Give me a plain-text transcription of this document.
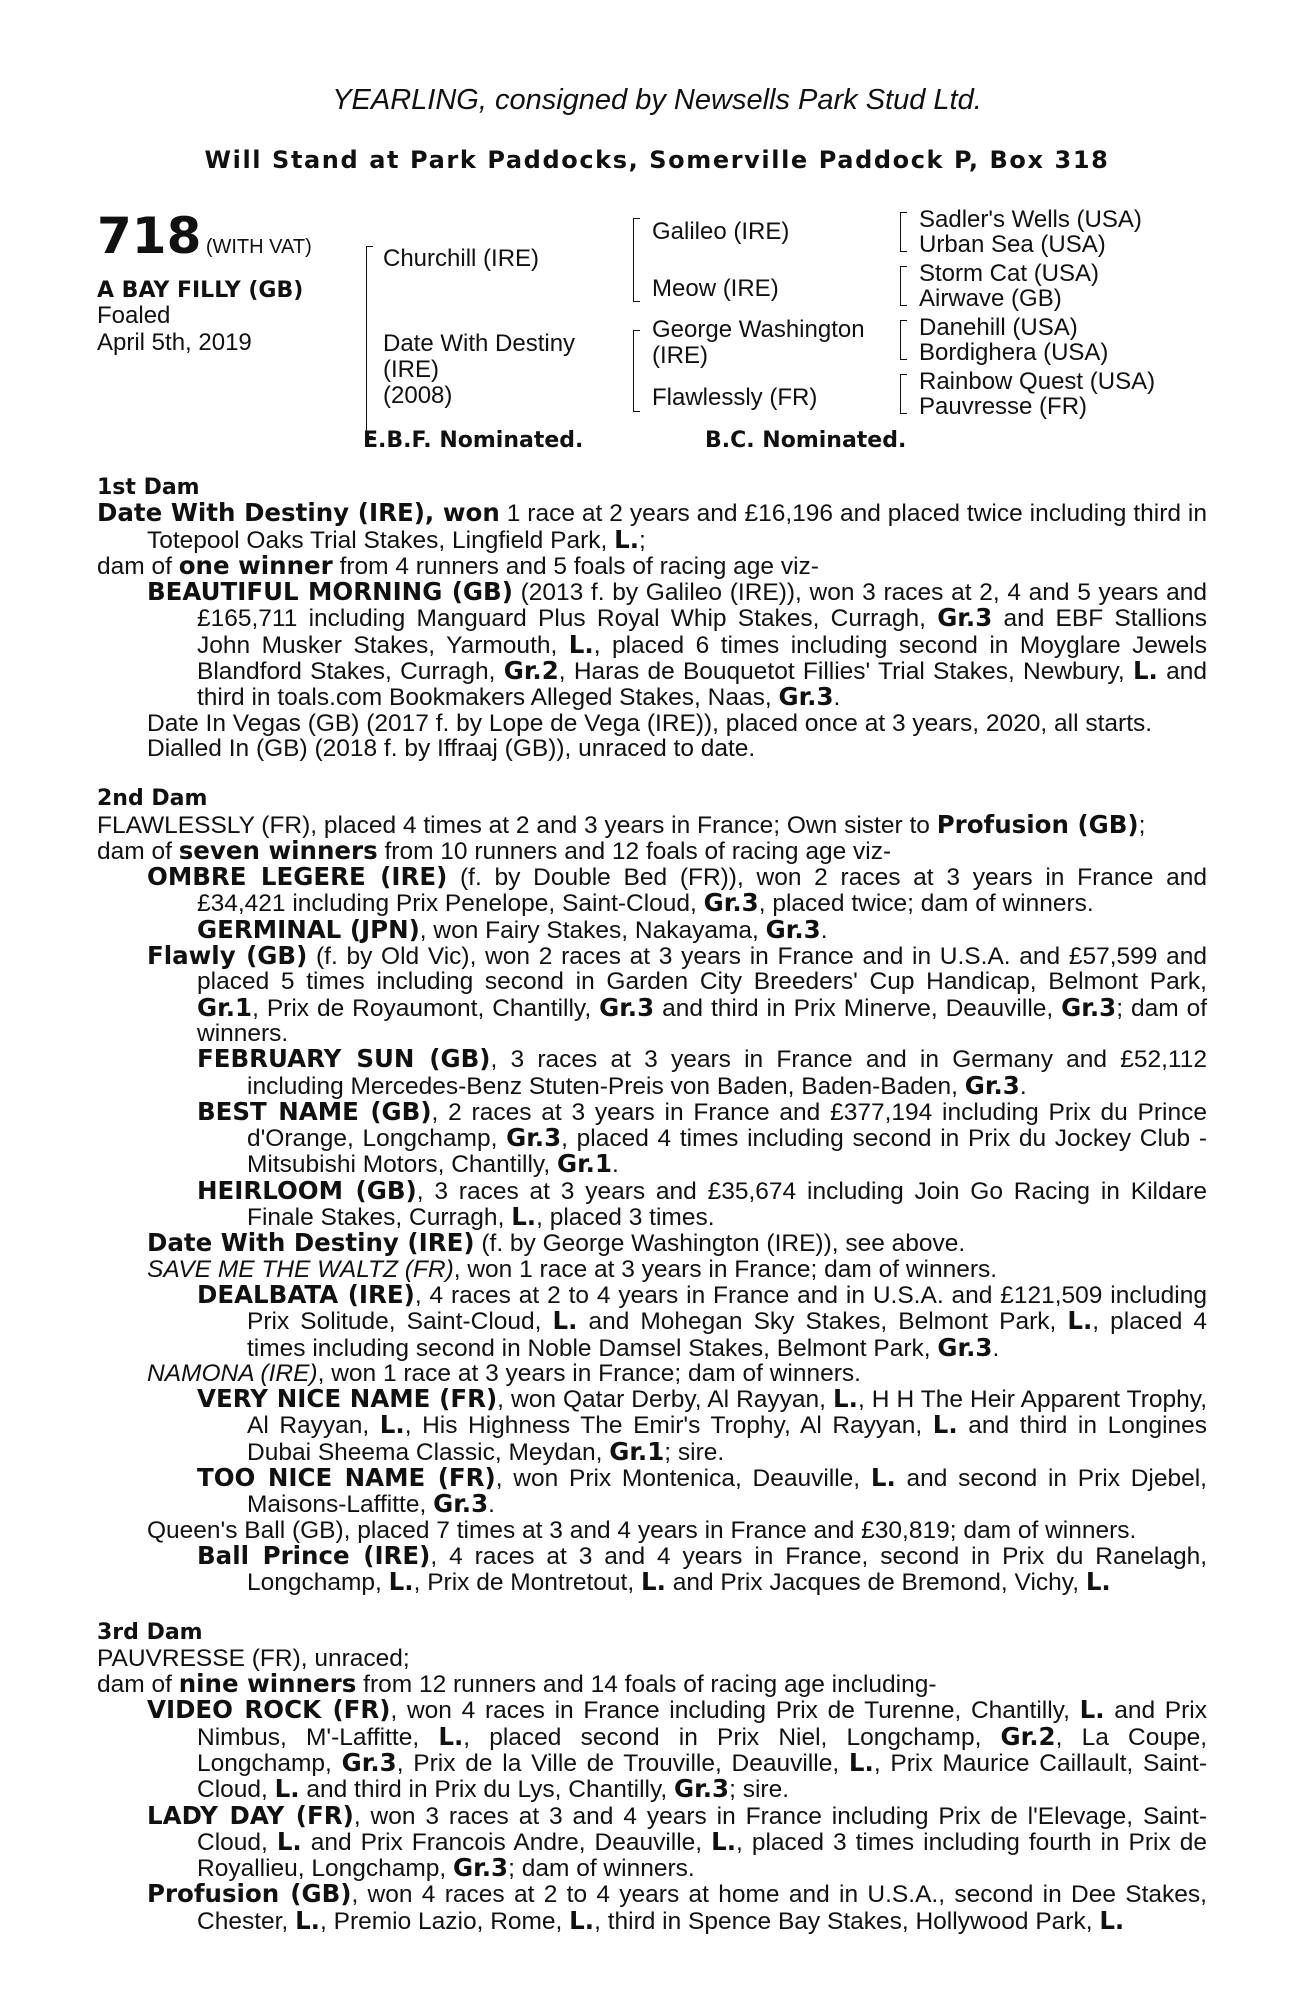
YEARLING, consigned by Newsells Park Stud Ltd.
Will Stand at Park Paddocks, Somerville Paddock P, Box 318
718 (WITH VAT)
A BAY FILLY (GB)
Foaled
April 5th, 2019
Churchill (IRE)
Date With Destiny
(IRE)
(2008)
Galileo (IRE)
Meow (IRE)
George Washington
(IRE)
Flawlessly (FR)
Sadler's Wells (USA)
Urban Sea (USA)
Storm Cat (USA)
Airwave (GB)
Danehill (USA)
Bordighera (USA)
Rainbow Quest (USA)
Pauvresse (FR)
E.B.F. Nominated.	B.C. Nominated.
1st Dam
Date With Destiny (IRE), won 1 race at 2 years and £16,196 and placed twice including third in Totepool Oaks Trial Stakes, Lingfield Park, L.;
dam of one winner from 4 runners and 5 foals of racing age viz-
BEAUTIFUL MORNING (GB) (2013 f. by Galileo (IRE)), won 3 races at 2, 4 and 5 years and £165,711 including Manguard Plus Royal Whip Stakes, Curragh, Gr.3 and EBF Stallions John Musker Stakes, Yarmouth, L., placed 6 times including second in Moyglare Jewels Blandford Stakes, Curragh, Gr.2, Haras de Bouquetot Fillies' Trial Stakes, Newbury, L. and third in toals.com Bookmakers Alleged Stakes, Naas, Gr.3.
Date In Vegas (GB) (2017 f. by Lope de Vega (IRE)), placed once at 3 years, 2020, all starts.
Dialled In (GB) (2018 f. by Iffraaj (GB)), unraced to date.
2nd Dam
FLAWLESSLY (FR), placed 4 times at 2 and 3 years in France; Own sister to Profusion (GB);
dam of seven winners from 10 runners and 12 foals of racing age viz-
OMBRE LEGERE (IRE) (f. by Double Bed (FR)), won 2 races at 3 years in France and £34,421 including Prix Penelope, Saint-Cloud, Gr.3, placed twice; dam of winners.
GERMINAL (JPN), won Fairy Stakes, Nakayama, Gr.3.
Flawly (GB) (f. by Old Vic), won 2 races at 3 years in France and in U.S.A. and £57,599 and placed 5 times including second in Garden City Breeders' Cup Handicap, Belmont Park, Gr.1, Prix de Royaumont, Chantilly, Gr.3 and third in Prix Minerve, Deauville, Gr.3; dam of winners.
FEBRUARY SUN (GB), 3 races at 3 years in France and in Germany and £52,112 including Mercedes-Benz Stuten-Preis von Baden, Baden-Baden, Gr.3.
BEST NAME (GB), 2 races at 3 years in France and £377,194 including Prix du Prince d'Orange, Longchamp, Gr.3, placed 4 times including second in Prix du Jockey Club - Mitsubishi Motors, Chantilly, Gr.1.
HEIRLOOM (GB), 3 races at 3 years and £35,674 including Join Go Racing in Kildare Finale Stakes, Curragh, L., placed 3 times.
Date With Destiny (IRE) (f. by George Washington (IRE)), see above.
SAVE ME THE WALTZ (FR), won 1 race at 3 years in France; dam of winners.
DEALBATA (IRE), 4 races at 2 to 4 years in France and in U.S.A. and £121,509 including Prix Solitude, Saint-Cloud, L. and Mohegan Sky Stakes, Belmont Park, L., placed 4 times including second in Noble Damsel Stakes, Belmont Park, Gr.3.
NAMONA (IRE), won 1 race at 3 years in France; dam of winners.
VERY NICE NAME (FR), won Qatar Derby, Al Rayyan, L., H H The Heir Apparent Trophy, Al Rayyan, L., His Highness The Emir's Trophy, Al Rayyan, L. and third in Longines Dubai Sheema Classic, Meydan, Gr.1; sire.
TOO NICE NAME (FR), won Prix Montenica, Deauville, L. and second in Prix Djebel, Maisons-Laffitte, Gr.3.
Queen's Ball (GB), placed 7 times at 3 and 4 years in France and £30,819; dam of winners.
Ball Prince (IRE), 4 races at 3 and 4 years in France, second in Prix du Ranelagh, Longchamp, L., Prix de Montretout, L. and Prix Jacques de Bremond, Vichy, L.
3rd Dam
PAUVRESSE (FR), unraced;
dam of nine winners from 12 runners and 14 foals of racing age including-
VIDEO ROCK (FR), won 4 races in France including Prix de Turenne, Chantilly, L. and Prix Nimbus, M'-Laffitte, L., placed second in Prix Niel, Longchamp, Gr.2, La Coupe, Longchamp, Gr.3, Prix de la Ville de Trouville, Deauville, L., Prix Maurice Caillault, Saint-Cloud, L. and third in Prix du Lys, Chantilly, Gr.3; sire.
LADY DAY (FR), won 3 races at 3 and 4 years in France including Prix de l'Elevage, Saint-Cloud, L. and Prix Francois Andre, Deauville, L., placed 3 times including fourth in Prix de Royallieu, Longchamp, Gr.3; dam of winners.
Profusion (GB), won 4 races at 2 to 4 years at home and in U.S.A., second in Dee Stakes, Chester, L., Premio Lazio, Rome, L., third in Spence Bay Stakes, Hollywood Park, L.
